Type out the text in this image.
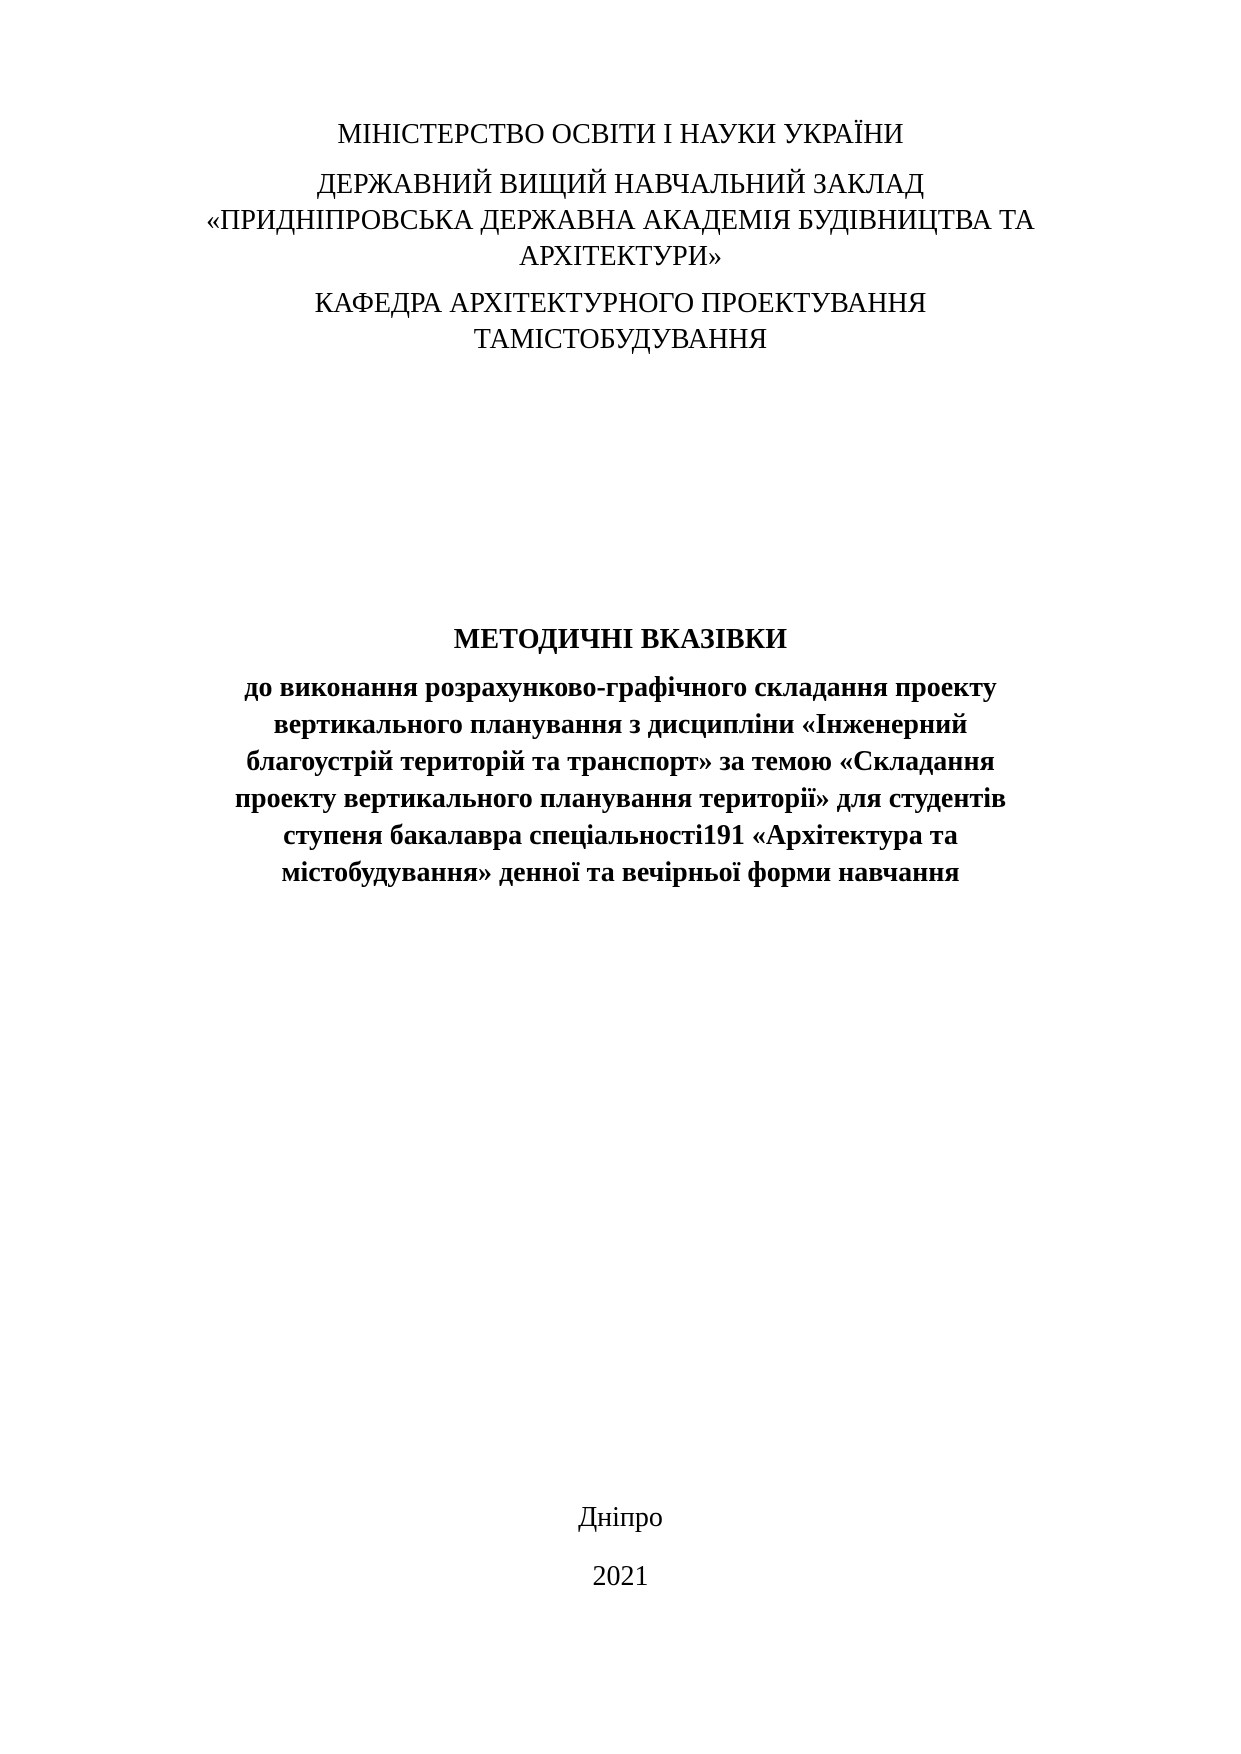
МІНІСТЕРСТВО ОСВІТИ І НАУКИ УКРАЇНИ
ДЕРЖАВНИЙ ВИЩИЙ НАВЧАЛЬНИЙ ЗАКЛАД
«ПРИДНІПРОВСЬКА ДЕРЖАВНА АКАДЕМІЯ БУДІВНИЦТВА ТА
АРХІТЕКТУРИ»
КАФЕДРА АРХІТЕКТУРНОГО ПРОЕКТУВАННЯ
ТАМІСТОБУДУВАННЯ
МЕТОДИЧНІ ВКАЗІВКИ
до виконання розрахунково-графічного складання проекту
вертикального планування з дисципліни «Інженерний
благоустрій територій та транспорт» за темою «Складання
проекту вертикального планування території» для студентів
ступеня бакалавра спеціальності191 «Архітектура та
містобудування» денної та вечірньої форми навчання
Дніпро
2021
